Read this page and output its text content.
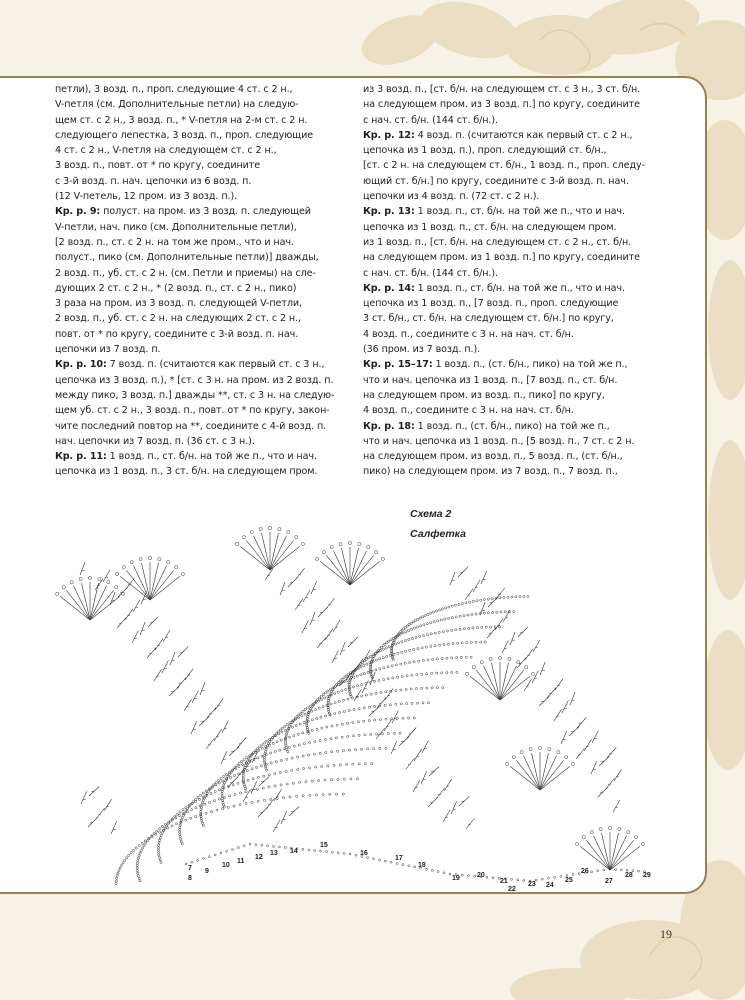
петли), 3 возд. п., проп. следующие 4 ст. с 2 н.,

V-петля (см. Дополнительные петли) на следую-

щем ст. с 2 н., 3 возд. п., * V-петля на 2-м ст. с 2 н.

следующего лепестка, 3 возд. п., проп. следующие

4 ст. с 2 н., V-петля на следующем ст. с 2 н.,

3 возд. п., повт. от * по кругу, соедините

с 3-й возд. п. нач. цепочки из 6 возд. п.

(12 V-петель, 12 пром. из 3 возд. п.).

Кр. р. 9: полуст. на пром. из 3 возд. п. следующей

V-петли, нач. пико (см. Дополнительные петли),

[2 возд. п., ст. с 2 н. на том же пром., что и нач.

полуст., пико (см. Дополнительные петли)] дважды,

2 возд. п., уб. ст. с 2 н. (см. Петли и приемы) на сле-

дующих 2 ст. с 2 н., * (2 возд. п., ст. с 2 н., пико)

3 раза на пром. из 3 возд. п. следующей V-петли,

2 возд. п., уб. ст. с 2 н. на следующих 2 ст. с 2 н.,

повт. от * по кругу, соедините с 3-й возд. п. нач.

цепочки из 7 возд. п.

Кр. р. 10: 7 возд. п. (считаются как первый ст. с 3 н.,

цепочка из 3 возд. п.), * [ст. с 3 н. на пром. из 2 возд. п.

между пико, 3 возд. п.] дважды **, ст. с 3 н. на следую-

щем уб. ст. с 2 н., 3 возд. п., повт. от * по кругу, закон-

чите последний повтор на **, соедините с 4-й возд. п.

нач. цепочки из 7 возд. п. (36 ст. с 3 н.).

Кр. р. 11: 1 возд. п., ст. б/н. на той же п., что и нач.

цепочка из 1 возд. п., 3 ст. б/н. на следующем пром.

из 3 возд. п., [ст. б/н. на следующем ст. с 3 н., 3 ст. б/н.

на следующем пром. из 3 возд. п.] по кругу, соедините

с нач. ст. б/н. (144 ст. б/н.).

Кр. р. 12: 4 возд. п. (считаются как первый ст. с 2 н.,

цепочка из 1 возд. п.), проп. следующий ст. б/н.,

[ст. с 2 н. на следующем ст. б/н., 1 возд. п., проп. следу-

ющий ст. б/н.] по кругу, соедините с 3-й возд. п. нач.

цепочки из 4 возд. п. (72 ст. с 2 н.).

Кр. р. 13: 1 возд. п., ст. б/н. на той же п., что и нач.

цепочка из 1 возд. п., ст. б/н. на следующем пром.

из 1 возд. п., [ст. б/н. на следующем ст. с 2 н., ст. б/н.

на следующем пром. из 1 возд. п.] по кругу, соедините

с нач. ст. б/н. (144 ст. б/н.).

Кр. р. 14: 1 возд. п., ст. б/н. на той же п., что и нач.

цепочка из 1 возд. п., [7 возд. п., проп. следующие

3 ст. б/н., ст. б/н. на следующем ст. б/н.] по кругу,

4 возд. п., соедините с 3 н. на нач. ст. б/н.

(36 пром. из 7 возд. п.).

Кр. р. 15–17: 1 возд. п., (ст. б/н., пико) на той же п.,

что и нач. цепочка из 1 возд. п., [7 возд. п., ст. б/н.

на следующем пром. из возд. п., пико] по кругу,

4 возд. п., соедините с 3 н. на нач. ст. б/н.

Кр. р. 18: 1 возд. п., (ст. б/н., пико) на той же п.,

что и нач. цепочка из 1 возд. п., [5 возд. п., 7 ст. с 2 н.

на следующем пром. из возд. п., 5 возд. п., (ст. б/н.,

пико) на следующем пром. из 7 возд. п., 7 возд. п.,

Схема 2
Салфетка
7
8
9
10
11
12
13 14
15
16
17
18
19 20
21
22
23 24
25
26
27
28 29
19
